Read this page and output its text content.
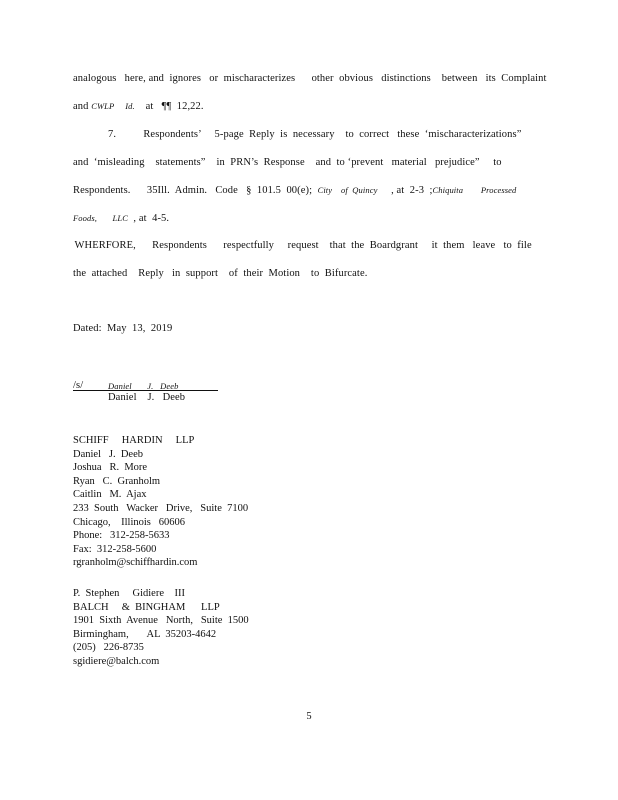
analogous   here, and  ignores   or  mischaracterizes      other  obvious   distinctions    between   its  Complaint
and CWLP     Id.    at   ¶¶  12,22.
7.          Respondents’     5-page  Reply  is  necessary    to  correct   these  ‘mischaracterizations”
and  ‘misleading    statements”    in  PRN’s  Response    and  to ‘prevent   material   prejudice”     to
Respondents.      35Ill.  Admin.   Code   §  101.5  00(e);  City    of  Quincy     , at  2-3  ;Chiquita        Processed
Foods,       LLC  , at  4-5.
WHERFORE,      Respondents      respectfully     request    that  the  Boardgrant     it  them   leave   to  file
the  attached    Reply   in  support    of  their  Motion    to  Bifurcate.
Dated:  May  13,  2019
/s/	Daniel       J.   Deeb
Daniel    J.   Deeb
SCHIFF     HARDIN     LLP
Daniel   J.  Deeb
Joshua   R.  More
Ryan   C.  Granholm
Caitlin   M.  Ajax
233  South   Wacker   Drive,   Suite  7100
Chicago,    Illinois   60606
Phone:   312-258-5633
Fax:  312-258-5600
rgranholm@schiffhardin.com
P.  Stephen     Gidiere    III
BALCH     &  BINGHAM      LLP
1901  Sixth  Avenue   North,   Suite  1500
Birmingham,       AL  35203-4642
(205)   226-8735
sgidiere@balch.com
5
